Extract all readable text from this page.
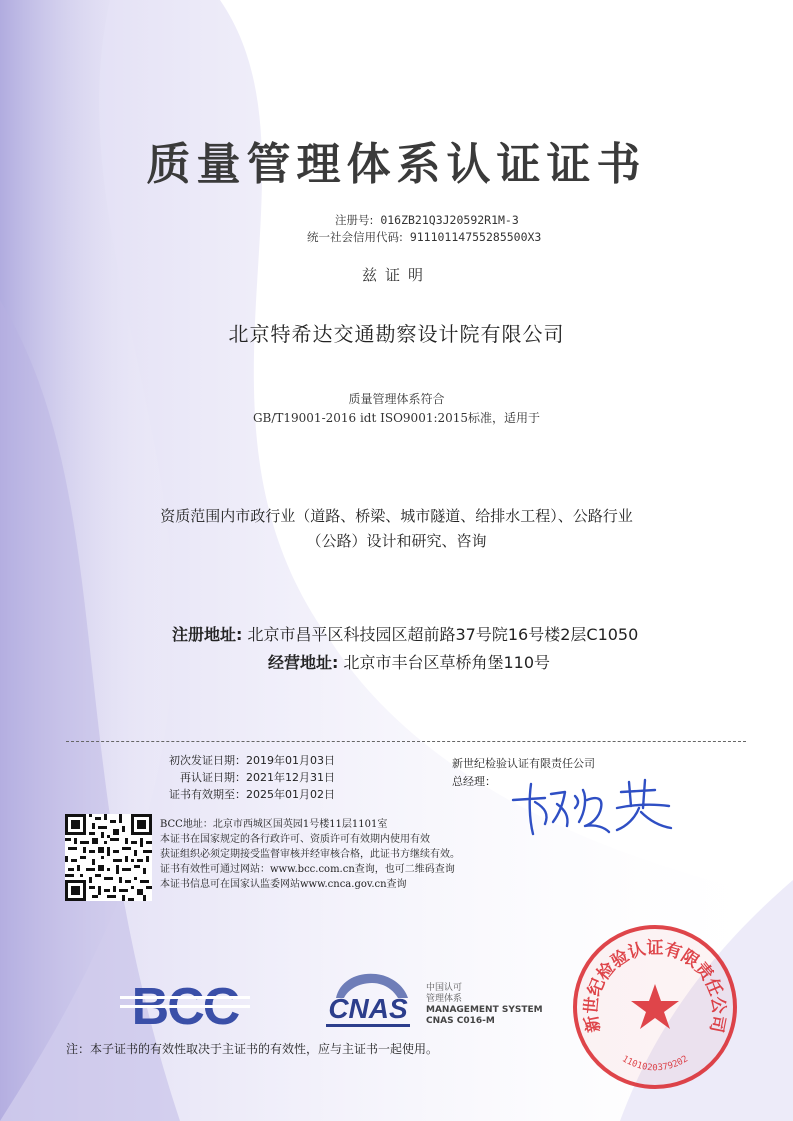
质量管理体系认证证书
注册号: 016ZB21Q3J20592R1M-3
统一社会信用代码: 91110114755285500X3
兹证明
北京特希达交通勘察设计院有限公司
质量管理体系符合
GB/T19001-2016 idt ISO9001:2015标准，适用于
资质范围内市政行业（道路、桥梁、城市隧道、给排水工程）、公路行业
（公路）设计和研究、咨询
注册地址: 北京市昌平区科技园区超前路37号院16号楼2层C1050
经营地址: 北京市丰台区草桥角堡110号
初次发证日期：2019年01月03日
再认证日期：2021年12月31日
证书有效期至：2025年01月02日
新世纪检验认证有限责任公司
总经理：
BCC地址：北京市西城区国英园1号楼11层1101室
本证书在国家规定的各行政许可、资质许可有效期内使用有效
获证组织必须定期接受监督审核并经审核合格，此证书方继续有效。
证书有效性可通过网站：www.bcc.com.cn查询，也可二维码查询
本证书信息可在国家认监委网站www.cnca.gov.cn查询
CNAS
中国认可
管理体系
MANAGEMENT SYSTEM
CNAS C016-M	新世纪检验认证有限责任公司
1101020379202
注：本子证书的有效性取决于主证书的有效性，应与主证书一起使用。
